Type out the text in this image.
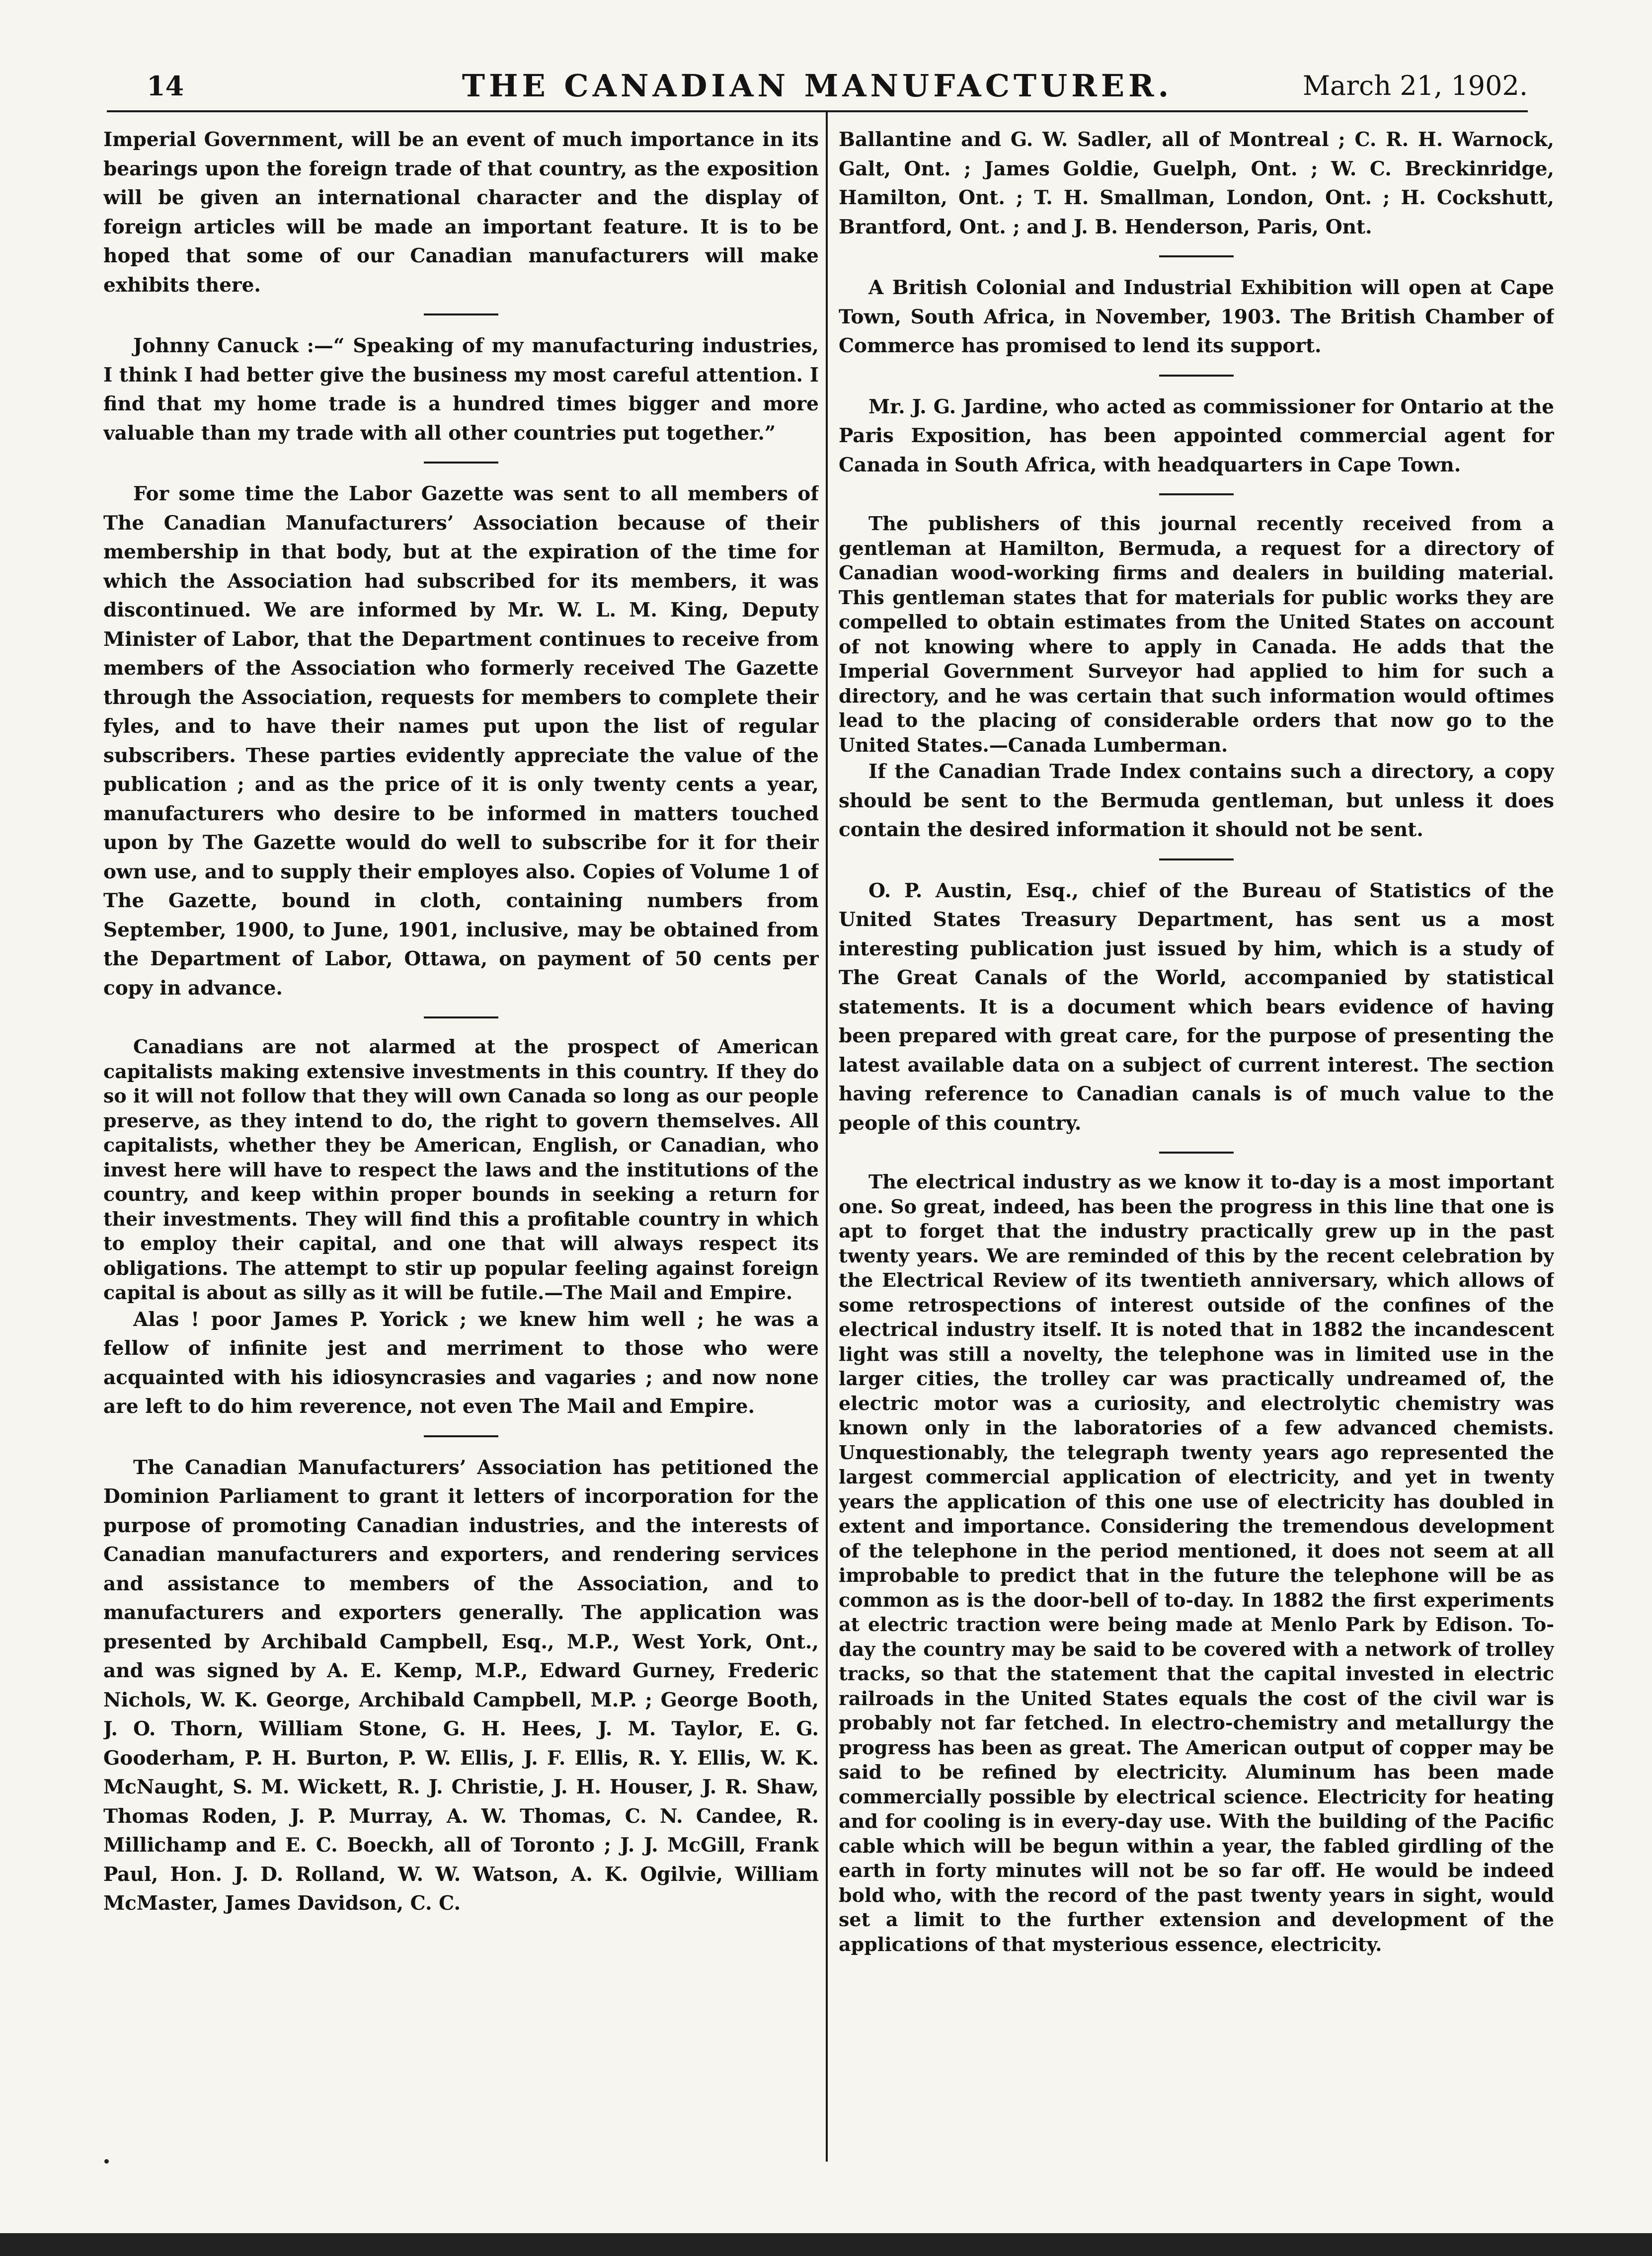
14	THE CANADIAN MANUFACTURER.	March 21, 1902.

Imperial Government, will be an event of much importance in its bearings upon the foreign trade of that country, as the exposition will be given an international character and the display of foreign articles will be made an important feature. It is to be hoped that some of our Canadian manufacturers will make exhibits there.

Johnny Canuck :—“ Speaking of my manufacturing industries, I think I had better give the business my most careful attention. I find that my home trade is a hundred times bigger and more valuable than my trade with all other countries put together.”

For some time the Labor Gazette was sent to all members of The Canadian Manufacturers’ Association because of their membership in that body, but at the expiration of the time for which the Association had subscribed for its members, it was discontinued. We are informed by Mr. W. L. M. King, Deputy Minister of Labor, that the Department continues to receive from members of the Association who formerly received The Gazette through the Association, requests for members to complete their fyles, and to have their names put upon the list of regular subscribers. These parties evidently appreciate the value of the publication ; and as the price of it is only twenty cents a year, manufacturers who desire to be informed in matters touched upon by The Gazette would do well to subscribe for it for their own use, and to supply their employes also. Copies of Volume 1 of The Gazette, bound in cloth, containing numbers from September, 1900, to June, 1901, inclusive, may be obtained from the Department of Labor, Ottawa, on payment of 50 cents per copy in advance.

Canadians are not alarmed at the prospect of American capitalists making extensive investments in this country. If they do so it will not follow that they will own Canada so long as our people preserve, as they intend to do, the right to govern themselves. All capitalists, whether they be American, English, or Canadian, who invest here will have to respect the laws and the institutions of the country, and keep within proper bounds in seeking a return for their investments. They will find this a profitable country in which to employ their capital, and one that will always respect its obligations. The attempt to stir up popular feeling against foreign capital is about as silly as it will be futile.—The Mail and Empire.

Alas ! poor James P. Yorick ; we knew him well ; he was a fellow of infinite jest and merriment to those who were acquainted with his idiosyncrasies and vagaries ; and now none are left to do him reverence, not even The Mail and Empire.

The Canadian Manufacturers’ Association has petitioned the Dominion Parliament to grant it letters of incorporation for the purpose of promoting Canadian industries, and the interests of Canadian manufacturers and exporters, and rendering services and assistance to members of the Association, and to manufacturers and exporters generally. The application was presented by Archibald Campbell, Esq., M.P., West York, Ont., and was signed by A. E. Kemp, M.P., Edward Gurney, Frederic Nichols, W. K. George, Archibald Campbell, M.P. ; George Booth, J. O. Thorn, William Stone, G. H. Hees, J. M. Taylor, E. G. Gooderham, P. H. Burton, P. W. Ellis, J. F. Ellis, R. Y. Ellis, W. K. McNaught, S. M. Wickett, R. J. Christie, J. H. Houser, J. R. Shaw, Thomas Roden, J. P. Murray, A. W. Thomas, C. N. Candee, R. Millichamp and E. C. Boeckh, all of Toronto ; J. J. McGill, Frank Paul, Hon. J. D. Rolland, W. W. Watson, A. K. Ogilvie, William McMaster, James Davidson, C. C.

Ballantine and G. W. Sadler, all of Montreal ; C. R. H. Warnock, Galt, Ont. ; James Goldie, Guelph, Ont. ; W. C. Breckinridge, Hamilton, Ont. ; T. H. Smallman, London, Ont. ; H. Cockshutt, Brantford, Ont. ; and J. B. Henderson, Paris, Ont.

A British Colonial and Industrial Exhibition will open at Cape Town, South Africa, in November, 1903. The British Chamber of Commerce has promised to lend its support.

Mr. J. G. Jardine, who acted as commissioner for Ontario at the Paris Exposition, has been appointed commercial agent for Canada in South Africa, with headquarters in Cape Town.

The publishers of this journal recently received from a gentleman at Hamilton, Bermuda, a request for a directory of Canadian wood-working firms and dealers in building material. This gentleman states that for materials for public works they are compelled to obtain estimates from the United States on account of not knowing where to apply in Canada. He adds that the Imperial Government Surveyor had applied to him for such a directory, and he was certain that such information would oftimes lead to the placing of considerable orders that now go to the United States.—Canada Lumberman.

If the Canadian Trade Index contains such a directory, a copy should be sent to the Bermuda gentleman, but unless it does contain the desired information it should not be sent.

O. P. Austin, Esq., chief of the Bureau of Statistics of the United States Treasury Department, has sent us a most interesting publication just issued by him, which is a study of The Great Canals of the World, accompanied by statistical statements. It is a document which bears evidence of having been prepared with great care, for the purpose of presenting the latest available data on a subject of current interest. The section having reference to Canadian canals is of much value to the people of this country.

The electrical industry as we know it to-day is a most important one. So great, indeed, has been the progress in this line that one is apt to forget that the industry practically grew up in the past twenty years. We are reminded of this by the recent celebration by the Electrical Review of its twentieth anniversary, which allows of some retrospections of interest outside of the confines of the electrical industry itself. It is noted that in 1882 the incandescent light was still a novelty, the telephone was in limited use in the larger cities, the trolley car was practically undreamed of, the electric motor was a curiosity, and electrolytic chemistry was known only in the laboratories of a few advanced chemists. Unquestionably, the telegraph twenty years ago represented the largest commercial application of electricity, and yet in twenty years the application of this one use of electricity has doubled in extent and importance. Considering the tremendous development of the telephone in the period mentioned, it does not seem at all improbable to predict that in the future the telephone will be as common as is the door-bell of to-day. In 1882 the first experiments at electric traction were being made at Menlo Park by Edison. To-day the country may be said to be covered with a network of trolley tracks, so that the statement that the capital invested in electric railroads in the United States equals the cost of the civil war is probably not far fetched. In electro-chemistry and metallurgy the progress has been as great. The American output of copper may be said to be refined by electricity. Aluminum has been made commercially possible by electrical science. Electricity for heating and for cooling is in every-day use. With the building of the Pacific cable which will be begun within a year, the fabled girdling of the earth in forty minutes will not be so far off. He would be indeed bold who, with the record of the past twenty years in sight, would set a limit to the further extension and development of the applications of that mysterious essence, electricity.
